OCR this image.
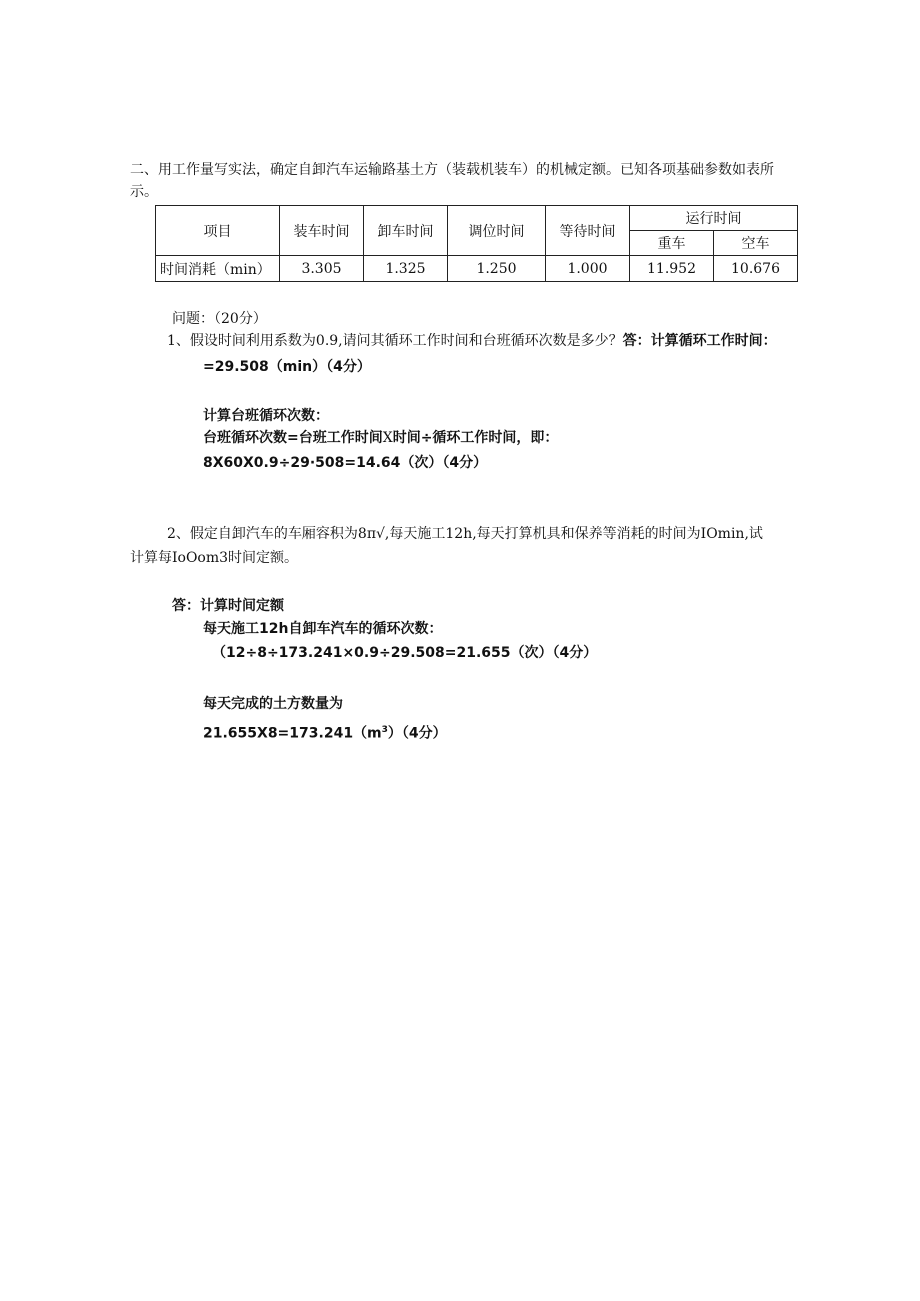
二、用工作量写实法，确定自卸汽车运输路基土方（装载机装车）的机械定额。已知各项基础参数如表所
示。
项目	装车时间	卸车时间	调位时间	等待时间	运行时间	
					重车	空车
时间消耗（min）	3.305	1.325	1.250	1.000	11.952	10.676
问题：（20分）
1、假设时间利用系数为0.9,请问其循环工作时间和台班循环次数是多少？答：计算循环工作时间：
=29.508（min）（4分）
计算台班循环次数：
台班循环次数=台班工作时间X时间÷循环工作时间，即：
8X60X0.9÷29·508=14.64（次）（4分）
2、假定自卸汽车的车厢容积为8π√,每天施工12h,每天打算机具和保养等消耗的时间为IOmin,试
计算每IoOom3时间定额。
答：计算时间定额
每天施工12h自卸车汽车的循环次数：
（12÷8÷173.241×0.9÷29.508=21.655（次）（4分）
每天完成的土方数量为
$21.655X8=173.241(m^3)(4$分）
